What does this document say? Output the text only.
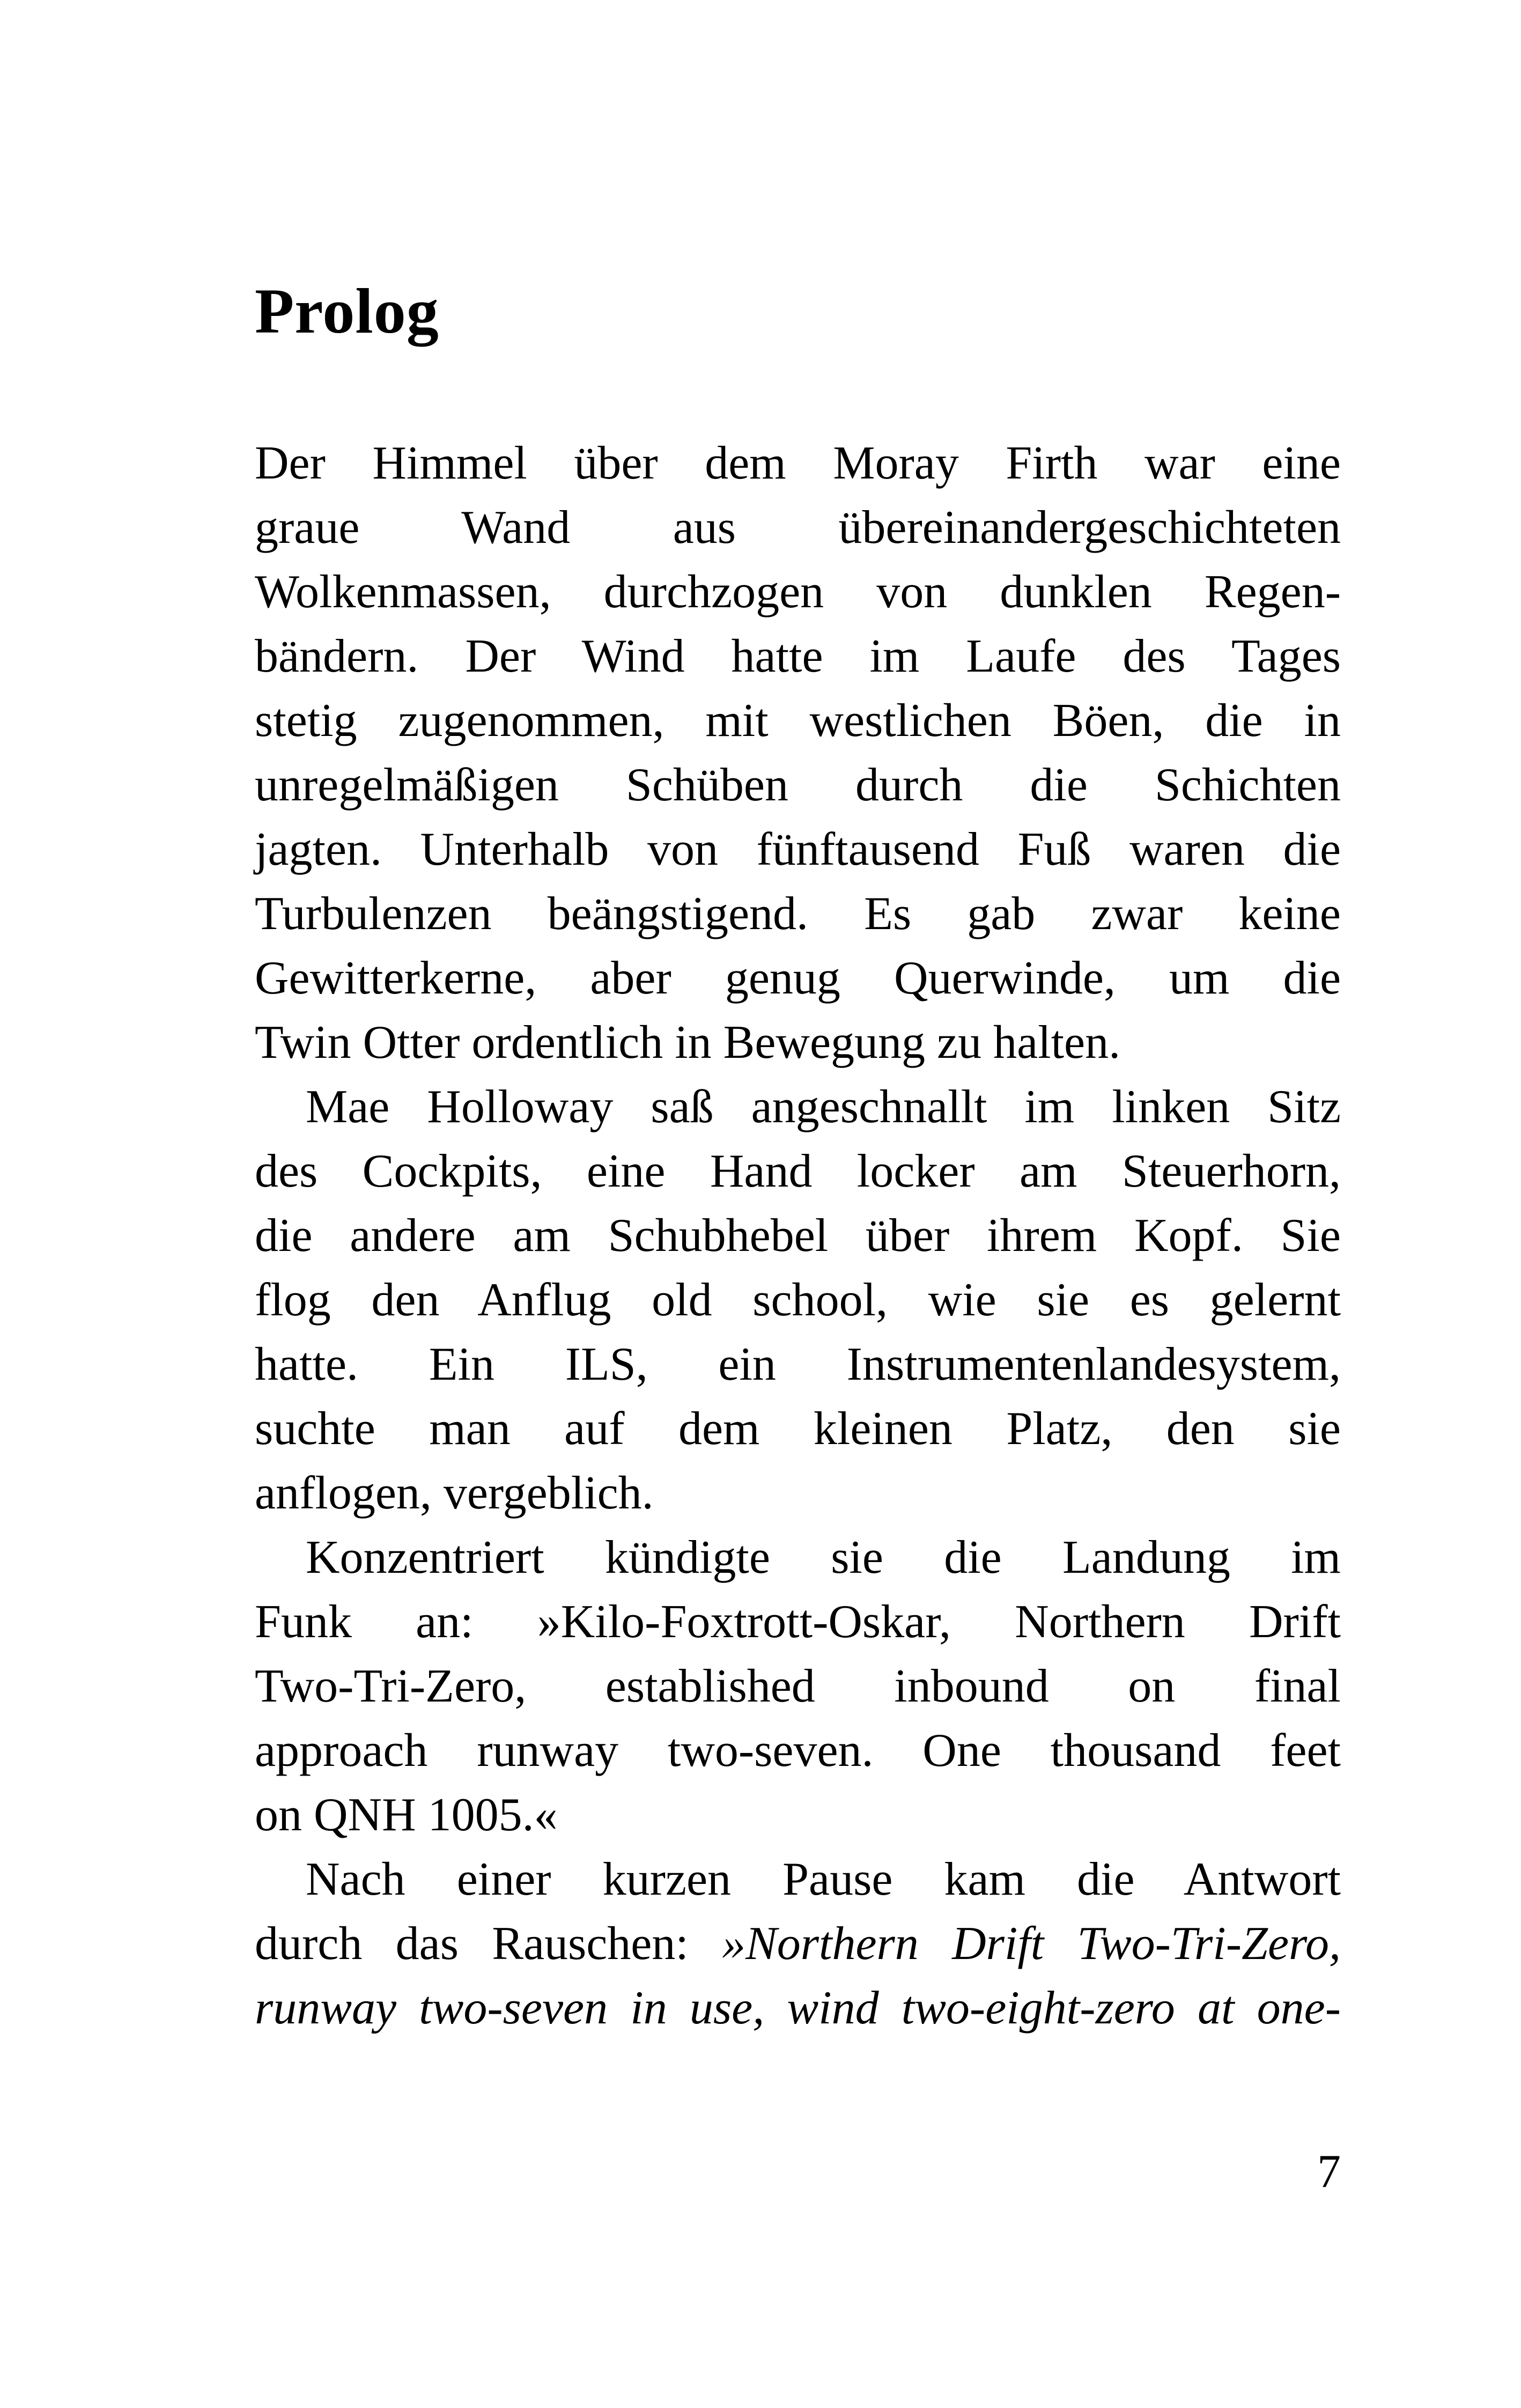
Prolog
Der Himmel über dem Moray Firth war eine
graue Wand aus übereinandergeschichteten
Wolkenmassen, durchzogen von dunklen Regen-
bändern. Der Wind hatte im Laufe des Tages
stetig zugenommen, mit westlichen Böen, die in
unregelmäßigen Schüben durch die Schichten
jagten. Unterhalb von fünftausend Fuß waren die
Turbulenzen beängstigend. Es gab zwar keine
Gewitterkerne, aber genug Querwinde, um die
Twin Otter ordentlich in Bewegung zu halten.
Mae Holloway saß angeschnallt im linken Sitz
des Cockpits, eine Hand locker am Steuerhorn,
die andere am Schubhebel über ihrem Kopf. Sie
flog den Anflug old school, wie sie es gelernt
hatte. Ein ILS, ein Instrumentenlandesystem,
suchte man auf dem kleinen Platz, den sie
anflogen, vergeblich.
Konzentriert kündigte sie die Landung im
Funk an: »Kilo-Foxtrott-Oskar, Northern Drift
Two-Tri-Zero, established inbound on final
approach runway two-seven. One thousand feet
on QNH 1005.«
Nach einer kurzen Pause kam die Antwort
durch das Rauschen: »Northern Drift Two-Tri-Zero,
runway two-seven in use, wind two-eight-zero at one-
7
